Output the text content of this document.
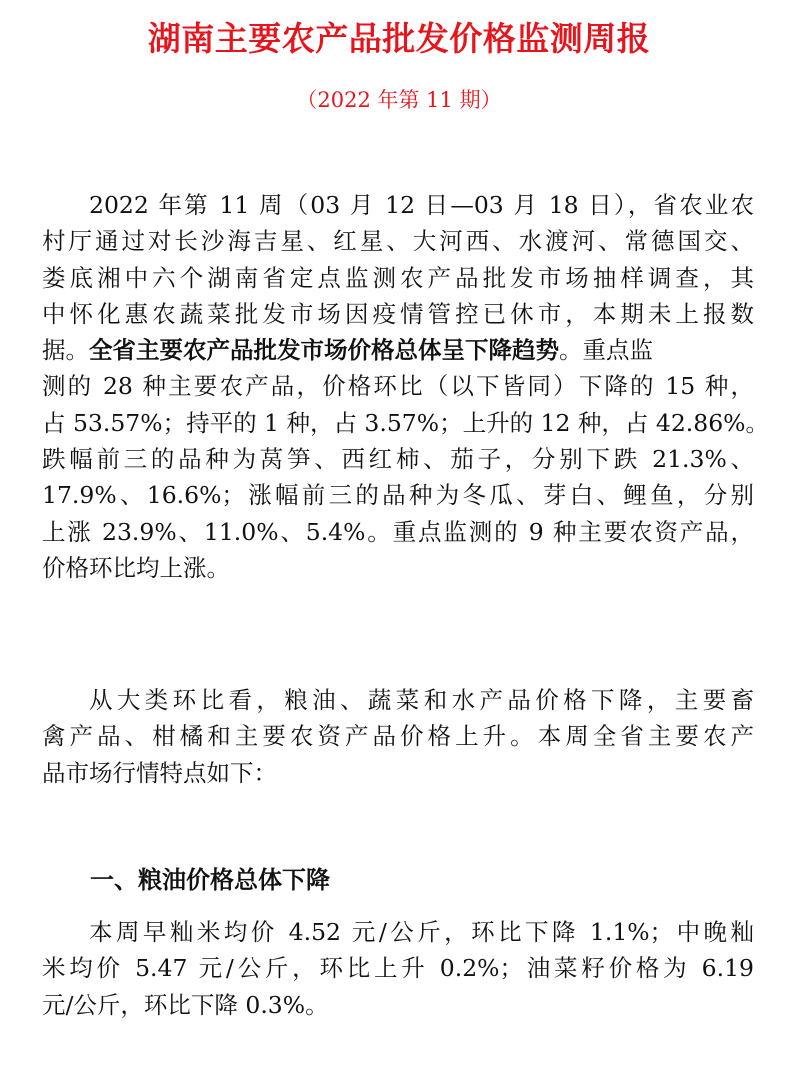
湖南主要农产品批发价格监测周报
（2022 年第 11 期）
2022 年第 11 周（03 月 12 日—03 月 18 日），省农业农
村厅通过对长沙海吉星、红星、大河西、水渡河、常德国交、
娄底湘中六个湖南省定点监测农产品批发市场抽样调查，其
中怀化惠农蔬菜批发市场因疫情管控已休市，本期未上报数
据。全省主要农产品批发市场价格总体呈下降趋势。重点监
测的 28 种主要农产品，价格环比（以下皆同）下降的 15 种，
占 53.57%；持平的 1 种，占 3.57%；上升的 12 种，占 42.86%。
跌幅前三的品种为莴笋、西红柿、茄子，分别下跌 21.3%、
17.9%、16.6%；涨幅前三的品种为冬瓜、芽白、鲤鱼，分别
上涨 23.9%、11.0%、5.4%。重点监测的 9 种主要农资产品，
价格环比均上涨。
从大类环比看，粮油、蔬菜和水产品价格下降，主要畜
禽产品、柑橘和主要农资产品价格上升。本周全省主要农产
品市场行情特点如下：
一、粮油价格总体下降
本周早籼米均价 4.52 元/公斤，环比下降 1.1%；中晚籼
米均价 5.47 元/公斤，环比上升 0.2%；油菜籽价格为 6.19
元/公斤，环比下降 0.3%。
